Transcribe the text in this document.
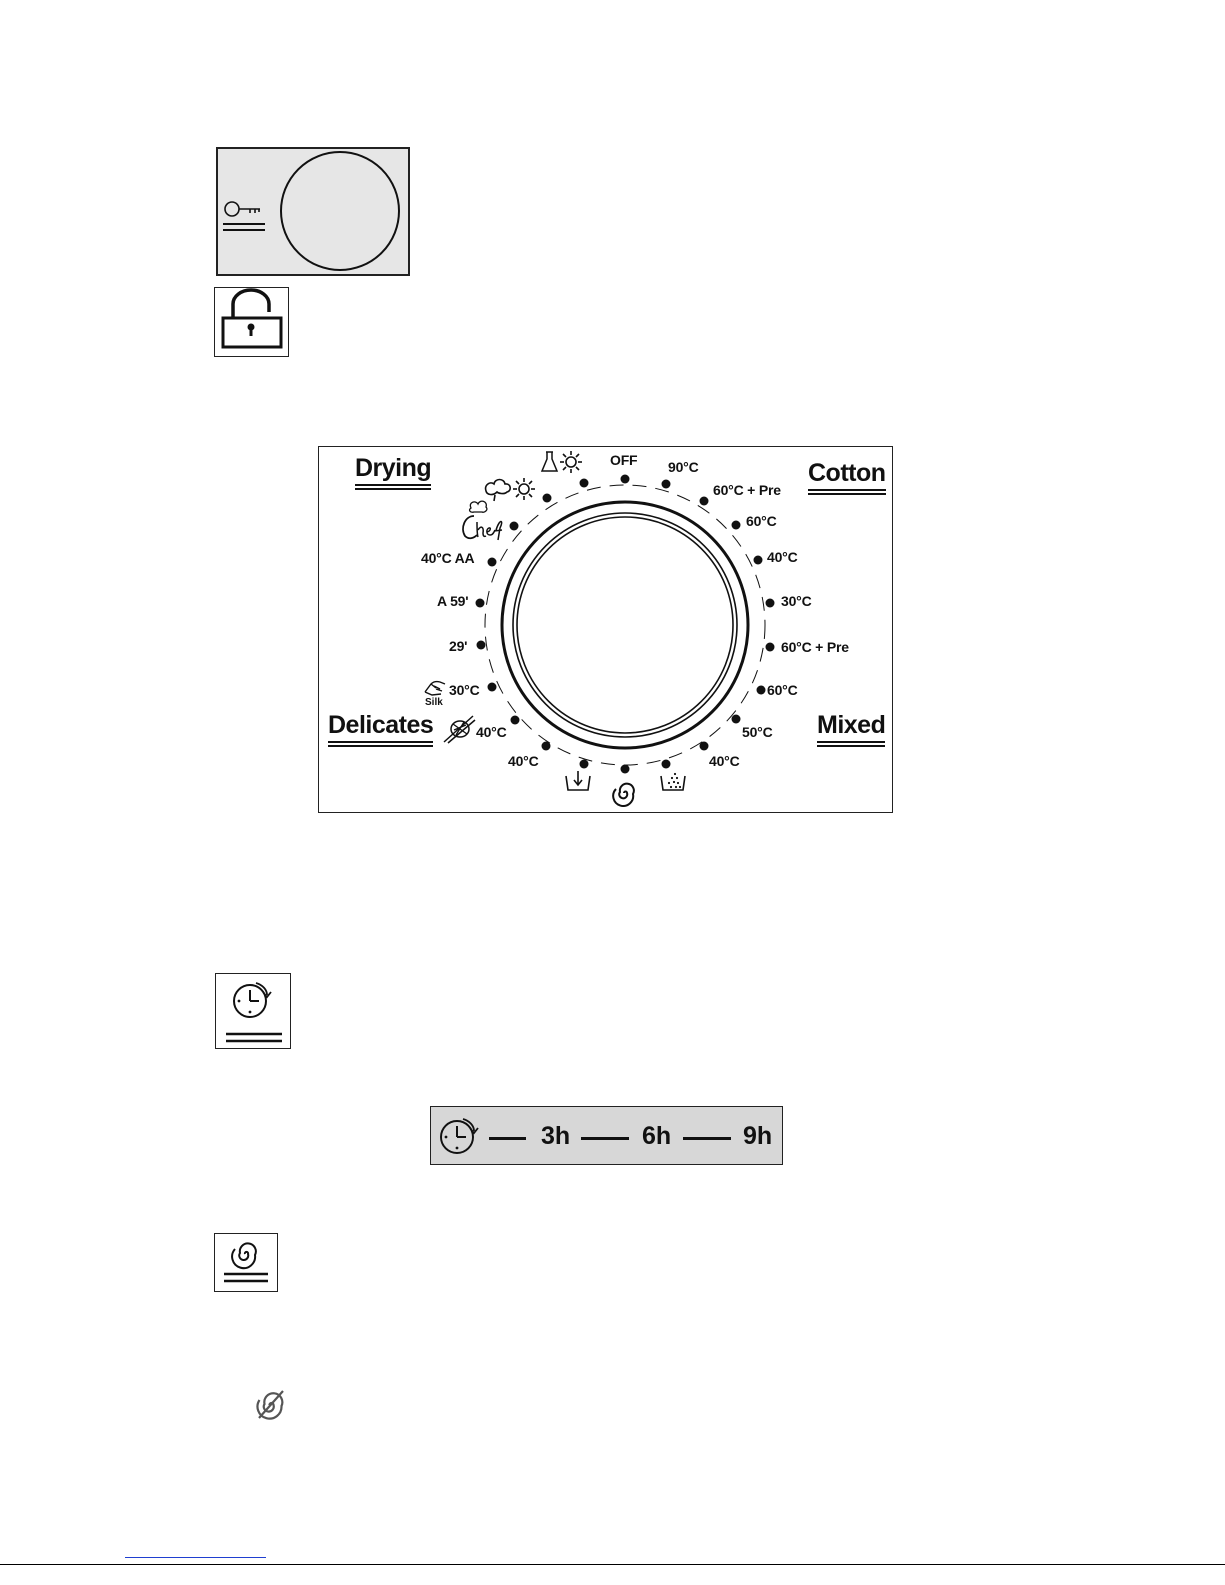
Drying	Cotton
Delicates	Mixed
OFF 90°C
60°C + Pre
60°C
40°C
30°C
60°C + Pre
60°C
50°C
40°C
40°C AA
A 59'
29'
30°C
Silk
40°C
40°C
3h	6h	9h
